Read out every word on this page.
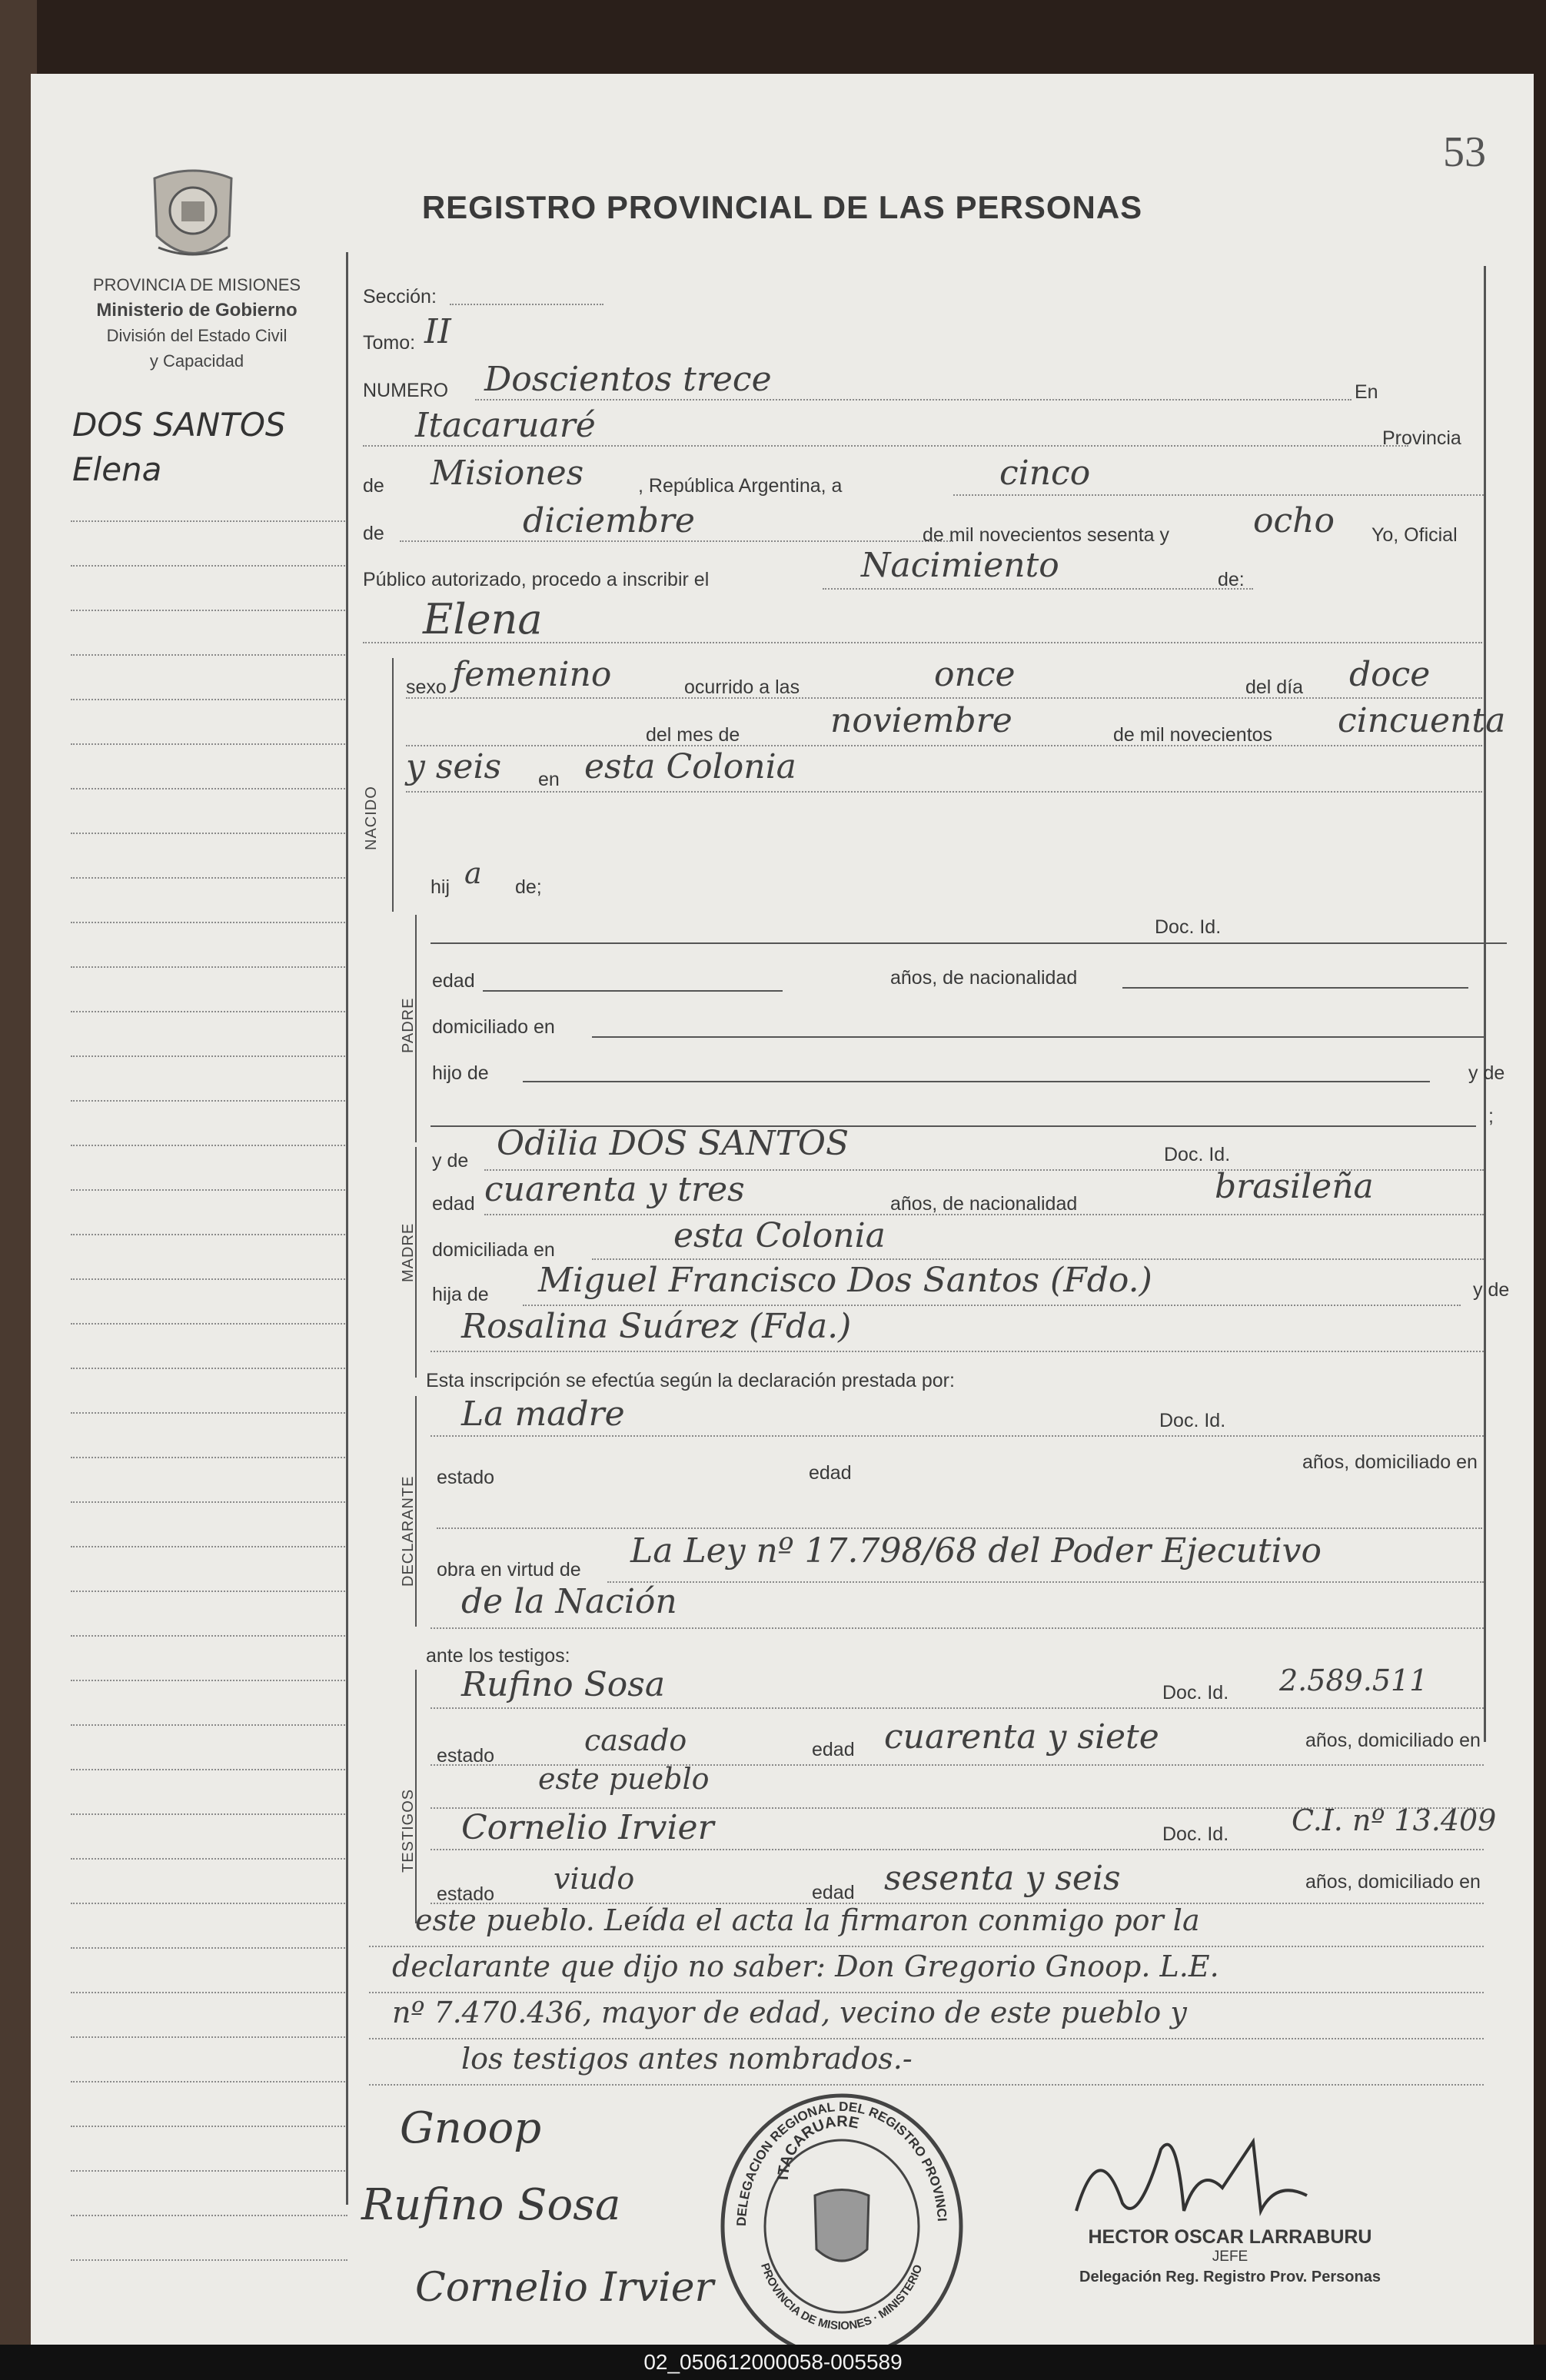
53
REGISTRO PROVINCIAL DE LAS PERSONAS
PROVINCIA DE MISIONES
Ministerio de Gobierno
División del Estado Civil
y Capacidad
DOS SANTOS
Elena
Sección:
Tomo: II
NUMERO Doscientos trece	En
Itacaruaré	Provincia
de Misiones	, República Argentina, a	cinco
de	diciembre	de mil novecientos sesenta y ocho Yo, Oficial
Público autorizado, procedo a inscribir el	Nacimiento	de:
Elena
NACIDO
sexo femenino	ocurrido a las	once	del día doce
del mes de	noviembre	de mil novecientos cincuenta
y seis en esta Colonia
hij a de;
PADRE
Doc. Id.
edad	años, de nacionalidad
domiciliado en
hijo de	y de
;
MADRE
y de Odilia DOS SANTOS	Doc. Id.
edad cuarenta y tres	años, de nacionalidad	brasileña
domiciliada en	esta Colonia
hija de Miguel Francisco Dos Santos (Fdo.)	y de
Rosalina Suárez (Fda.)
Esta inscripción se efectúa según la declaración prestada por:
DECLARANTE
La madre	Doc. Id.
estado	edad	años, domiciliado en
obra en virtud de La Ley nº 17.798/68 del Poder Ejecutivo
de la Nación
ante los testigos:
TESTIGOS
Rufino Sosa	Doc. Id. 2.589.511
estado	casado	edad cuarenta y siete	años, domiciliado en
este pueblo
Cornelio Irvier	Doc. Id. C.I. nº 13.409
estado viudo	edad sesenta y seis	años, domiciliado en
este pueblo. Leída el acta la firmaron conmigo por la
declarante que dijo no saber: Don Gregorio Gnoop. L.E.
nº 7.470.436, mayor de edad, vecino de este pueblo y
los testigos antes nombrados.-
DELEGACION REGIONAL DEL REGISTRO PROVINCI
ITACARUARE
PROVINCIA DE MISIONES · MINISTERIO
Gnoop
Rufino Sosa
Cornelio Irvier
HECTOR OSCAR LARRABURU
JEFE
Delegación Reg. Registro Prov. Personas
02_050612000058-005589
